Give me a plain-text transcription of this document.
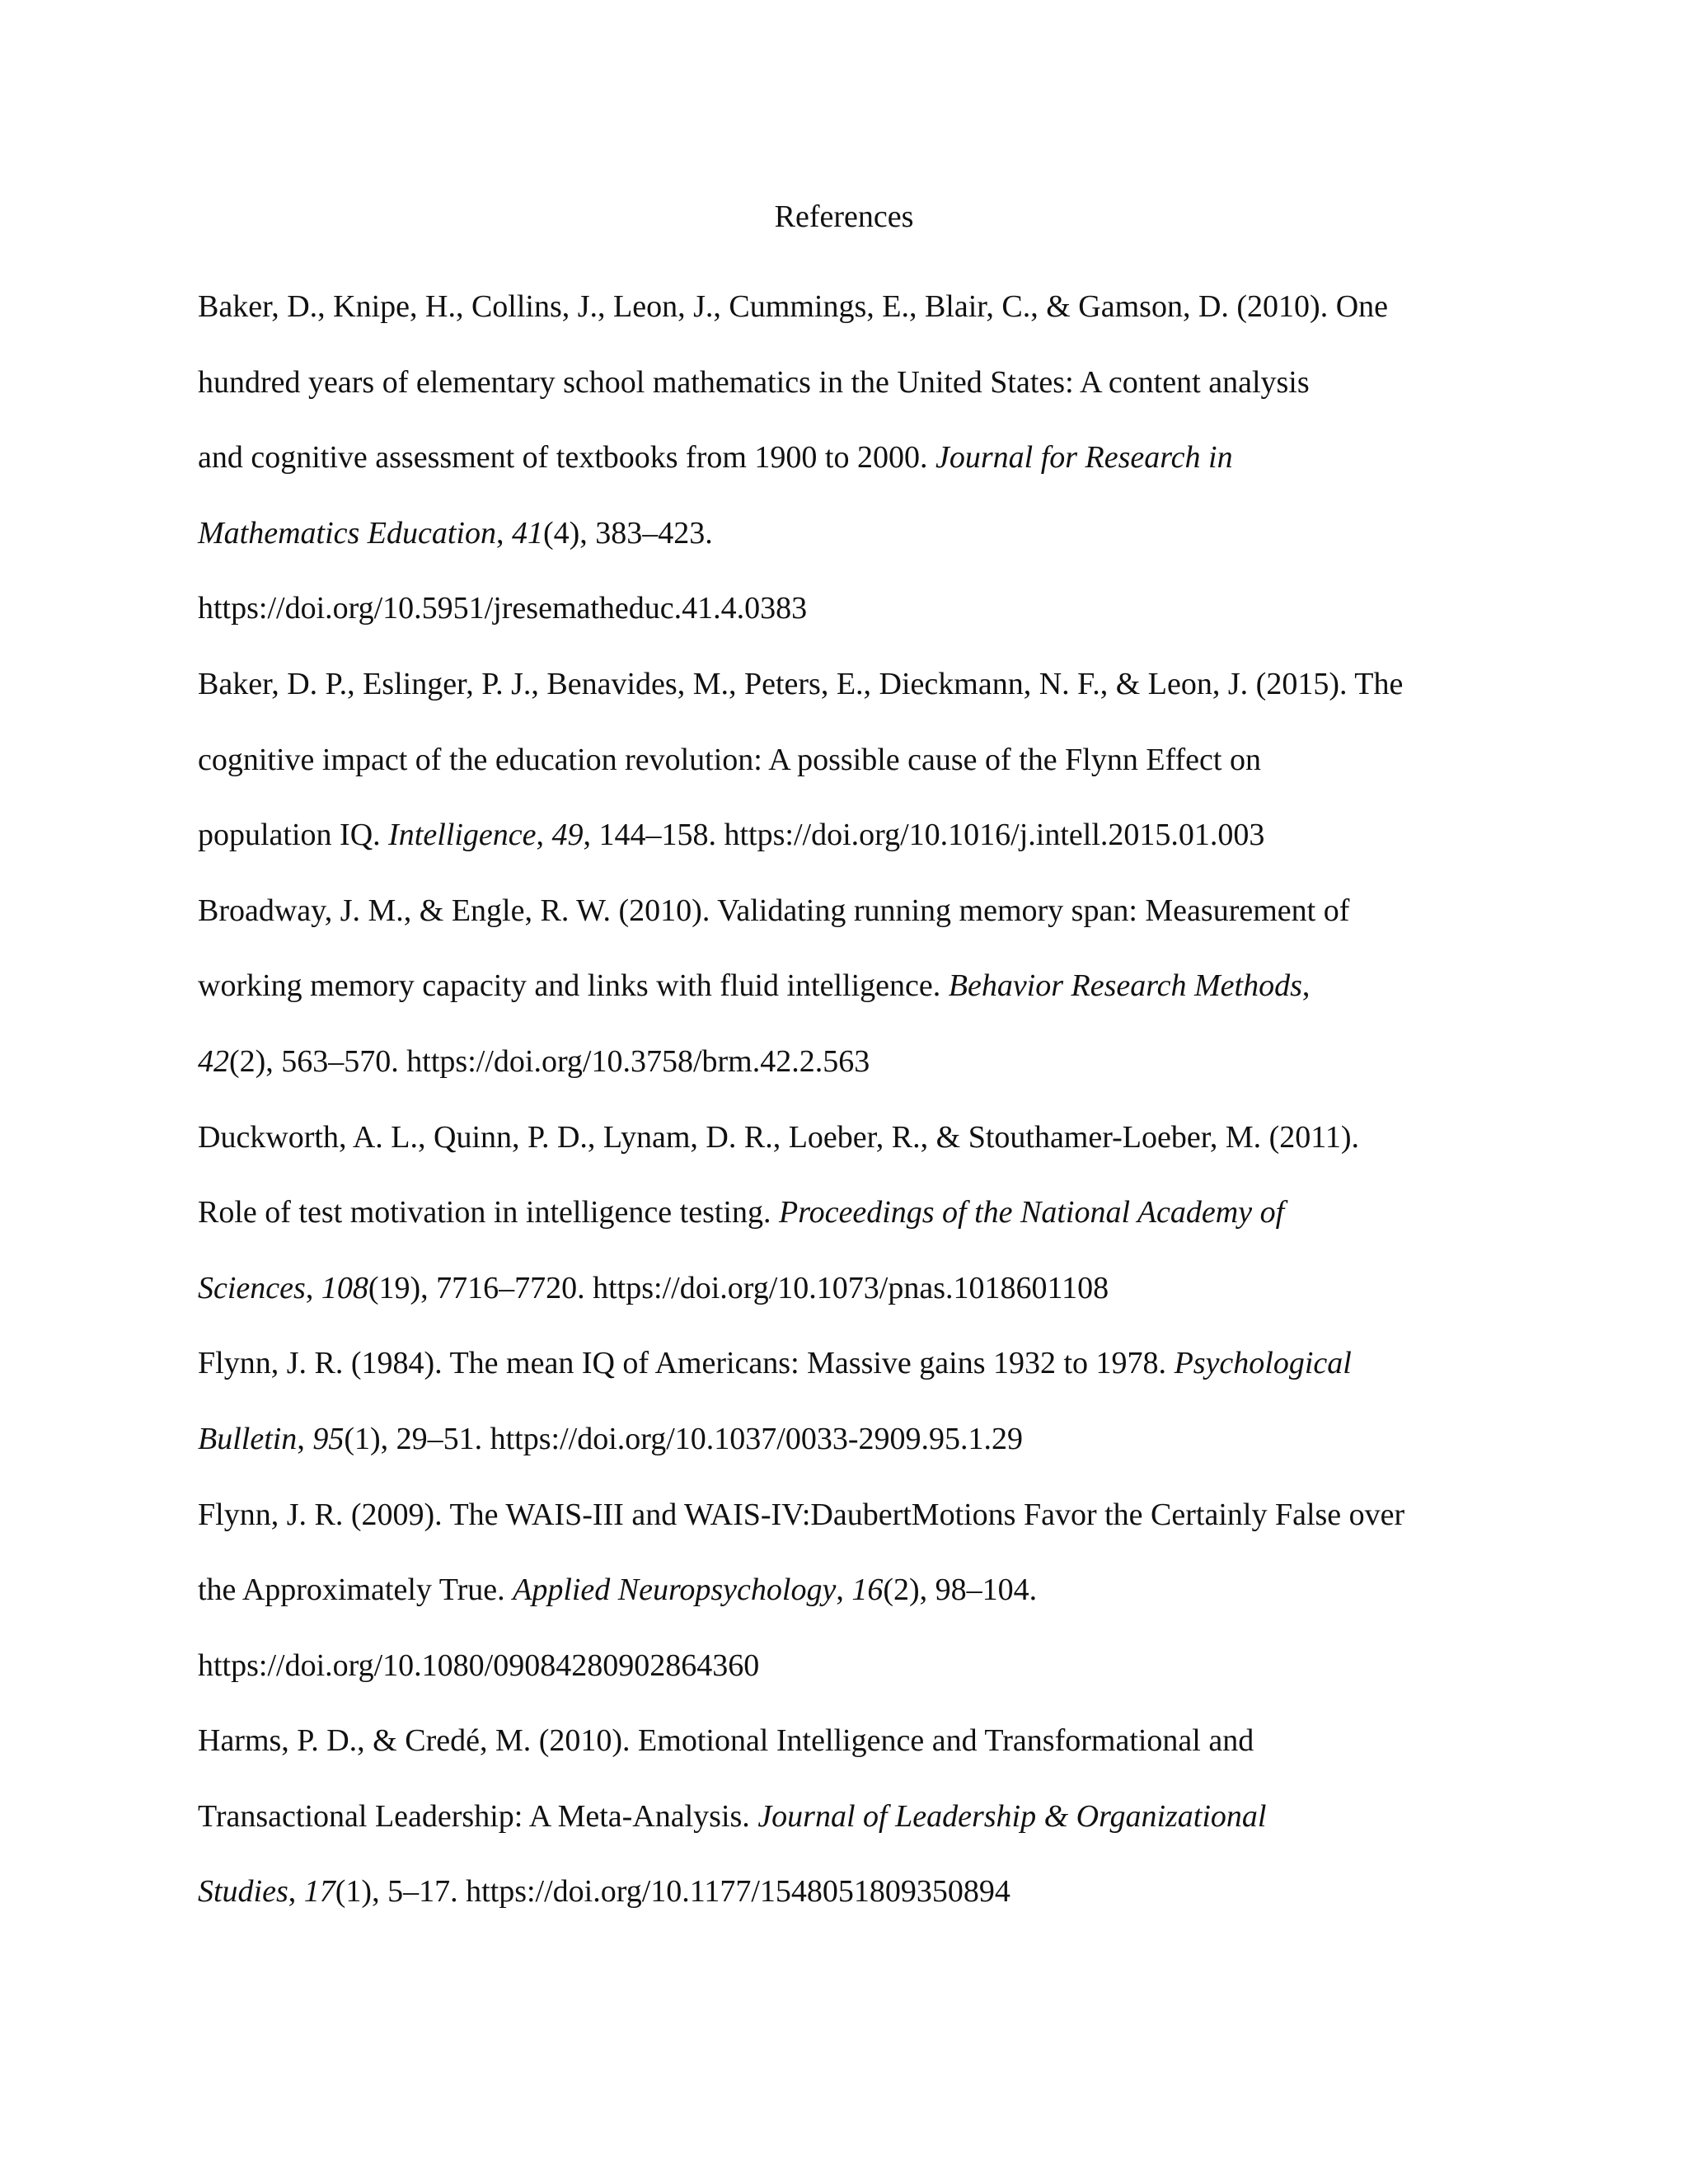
References

Baker, D., Knipe, H., Collins, J., Leon, J., Cummings, E., Blair, C., & Gamson, D. (2010). One
hundred years of elementary school mathematics in the United States: A content analysis
and cognitive assessment of textbooks from 1900 to 2000. Journal for Research in
Mathematics Education, 41(4), 383–423.
https://doi.org/10.5951/jresematheduc.41.4.0383

Baker, D. P., Eslinger, P. J., Benavides, M., Peters, E., Dieckmann, N. F., & Leon, J. (2015). The
cognitive impact of the education revolution: A possible cause of the Flynn Effect on
population IQ. Intelligence, 49, 144–158. https://doi.org/10.1016/j.intell.2015.01.003

Broadway, J. M., & Engle, R. W. (2010). Validating running memory span: Measurement of
working memory capacity and links with fluid intelligence. Behavior Research Methods,
42(2), 563–570. https://doi.org/10.3758/brm.42.2.563

Duckworth, A. L., Quinn, P. D., Lynam, D. R., Loeber, R., & Stouthamer-Loeber, M. (2011).
Role of test motivation in intelligence testing. Proceedings of the National Academy of
Sciences, 108(19), 7716–7720. https://doi.org/10.1073/pnas.1018601108

Flynn, J. R. (1984). The mean IQ of Americans: Massive gains 1932 to 1978. Psychological
Bulletin, 95(1), 29–51. https://doi.org/10.1037/0033-2909.95.1.29

Flynn, J. R. (2009). The WAIS-III and WAIS-IV:DaubertMotions Favor the Certainly False over
the Approximately True. Applied Neuropsychology, 16(2), 98–104.
https://doi.org/10.1080/09084280902864360

Harms, P. D., & Credé, M. (2010). Emotional Intelligence and Transformational and
Transactional Leadership: A Meta-Analysis. Journal of Leadership & Organizational
Studies, 17(1), 5–17. https://doi.org/10.1177/1548051809350894
